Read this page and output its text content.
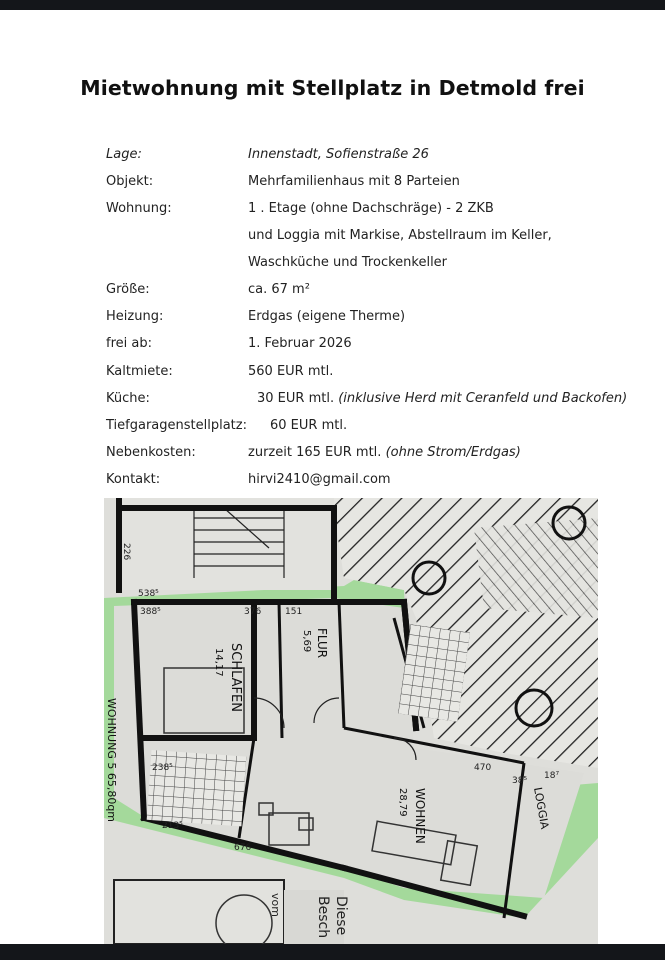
Mietwohnung mit Stellplatz in Detmold frei
Lage:	Innenstadt, Sofienstraße 26
Objekt:	Mehrfamilienhaus mit 8 Parteien
Wohnung:	1 . Etage (ohne Dachschräge) - 2 ZKB
und Loggia mit Markise, Abstellraum im Keller,
Waschküche und Trockenkeller
Größe:	ca. 67 m²
Heizung:	Erdgas (eigene Therme)
frei ab:	1. Februar 2026
Kaltmiete:	560 EUR mtl.
Küche:	30 EUR mtl. (inklusive Herd mit Ceranfeld und Backofen)
Tiefgaragenstellplatz: 60 EUR mtl.
Nebenkosten:	zurzeit 165 EUR mtl. (ohne Strom/Erdgas)
Kontakt:	hirvi2410@gmail.com
SCHLAFEN
14,17
FLUR
5,69
WOHNEN
28,79	LOGGIA
WOHNUNG 5 65,80qm
226
538⁵
388⁵	376	151
238⁵
213⁵
676
470
18⁷
38⁵
vom	Diese
Besch
